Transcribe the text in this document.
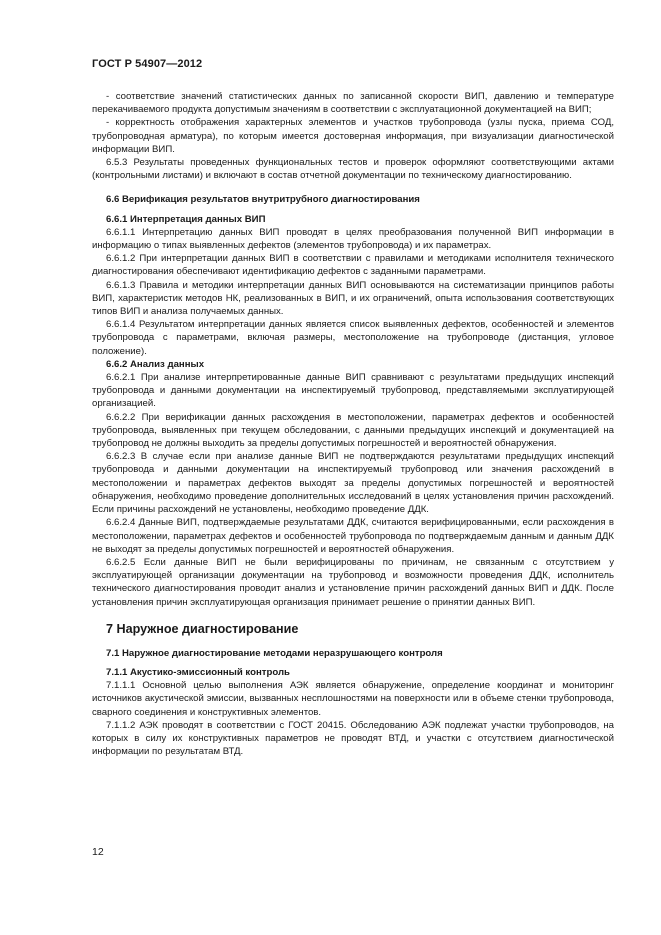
ГОСТ Р 54907—2012

- соответствие значений статистических данных по записанной скорости ВИП, давлению и температуре перекачиваемого продукта допустимым значениям в соответствии с эксплуатационной документацией на ВИП;

- корректность отображения характерных элементов и участков трубопровода (узлы пуска, приема СОД, трубопроводная арматура), по которым имеется достоверная информация, при визуализации диагностической информации ВИП.

6.5.3 Результаты проведенных функциональных тестов и проверок оформляют соответствующими актами (контрольными листами) и включают в состав отчетной документации по техническому диагностированию.

6.6 Верификация результатов внутритрубного диагностирования
6.6.1 Интерпретация данных ВИП

6.6.1.1 Интерпретацию данных ВИП проводят в целях преобразования полученной ВИП информации в информацию о типах выявленных дефектов (элементов трубопровода) и их параметрах.

6.6.1.2 При интерпретации данных ВИП в соответствии с правилами и методиками исполнителя технического диагностирования обеспечивают идентификацию дефектов с заданными параметрами.

6.6.1.3 Правила и методики интерпретации данных ВИП основываются на систематизации принципов работы ВИП, характеристик методов НК, реализованных в ВИП, и их ограничений, опыта использования соответствующих типов ВИП и анализа получаемых данных.

6.6.1.4 Результатом интерпретации данных является список выявленных дефектов, особенностей и элементов трубопровода с параметрами, включая размеры, местоположение на трубопроводе (дистанция, угловое положение).

6.6.2 Анализ данных

6.6.2.1 При анализе интерпретированные данные ВИП сравнивают с результатами предыдущих инспекций трубопровода и данными документации на инспектируемый трубопровод, представляемыми эксплуатирующей организацией.

6.6.2.2 При верификации данных расхождения в местоположении, параметрах дефектов и особенностей трубопровода, выявленных при текущем обследовании, с данными предыдущих инспекций и документацией на трубопровод не должны выходить за пределы допустимых погрешностей и вероятностей обнаружения.

6.6.2.3 В случае если при анализе данные ВИП не подтверждаются результатами предыдущих инспекций трубопровода и данными документации на инспектируемый трубопровод или значения расхождений в местоположении и параметрах дефектов выходят за пределы допустимых погрешностей и вероятностей обнаружения, необходимо проведение дополнительных исследований в целях установления причин расхождений. Если причины расхождений не установлены, необходимо проведение ДДК.

6.6.2.4 Данные ВИП, подтверждаемые результатами ДДК, считаются верифицированными, если расхождения в местоположении, параметрах дефектов и особенностей трубопровода по подтверждаемым данным и данным ДДК не выходят за пределы допустимых погрешностей и вероятностей обнаружения.

6.6.2.5 Если данные ВИП не были верифицированы по причинам, не связанным с отсутствием у эксплуатирующей организации документации на трубопровод и возможности проведения ДДК, исполнитель технического диагностирования проводит анализ и установление причин расхождений данных ВИП и ДДК. После установления причин эксплуатирующая организация принимает решение о принятии данных ВИП.

7 Наружное диагностирование
7.1 Наружное диагностирование методами неразрушающего контроля
7.1.1 Акустико-эмиссионный контроль

7.1.1.1 Основной целью выполнения АЭК является обнаружение, определение координат и мониторинг источников акустической эмиссии, вызванных несплошностями на поверхности или в объеме стенки трубопровода, сварного соединения и конструктивных элементов.

7.1.1.2 АЭК проводят в соответствии с ГОСТ 20415. Обследованию АЭК подлежат участки трубопроводов, на которых в силу их конструктивных параметров не проводят ВТД, и участки с отсутствием диагностической информации по результатам ВТД.

12
